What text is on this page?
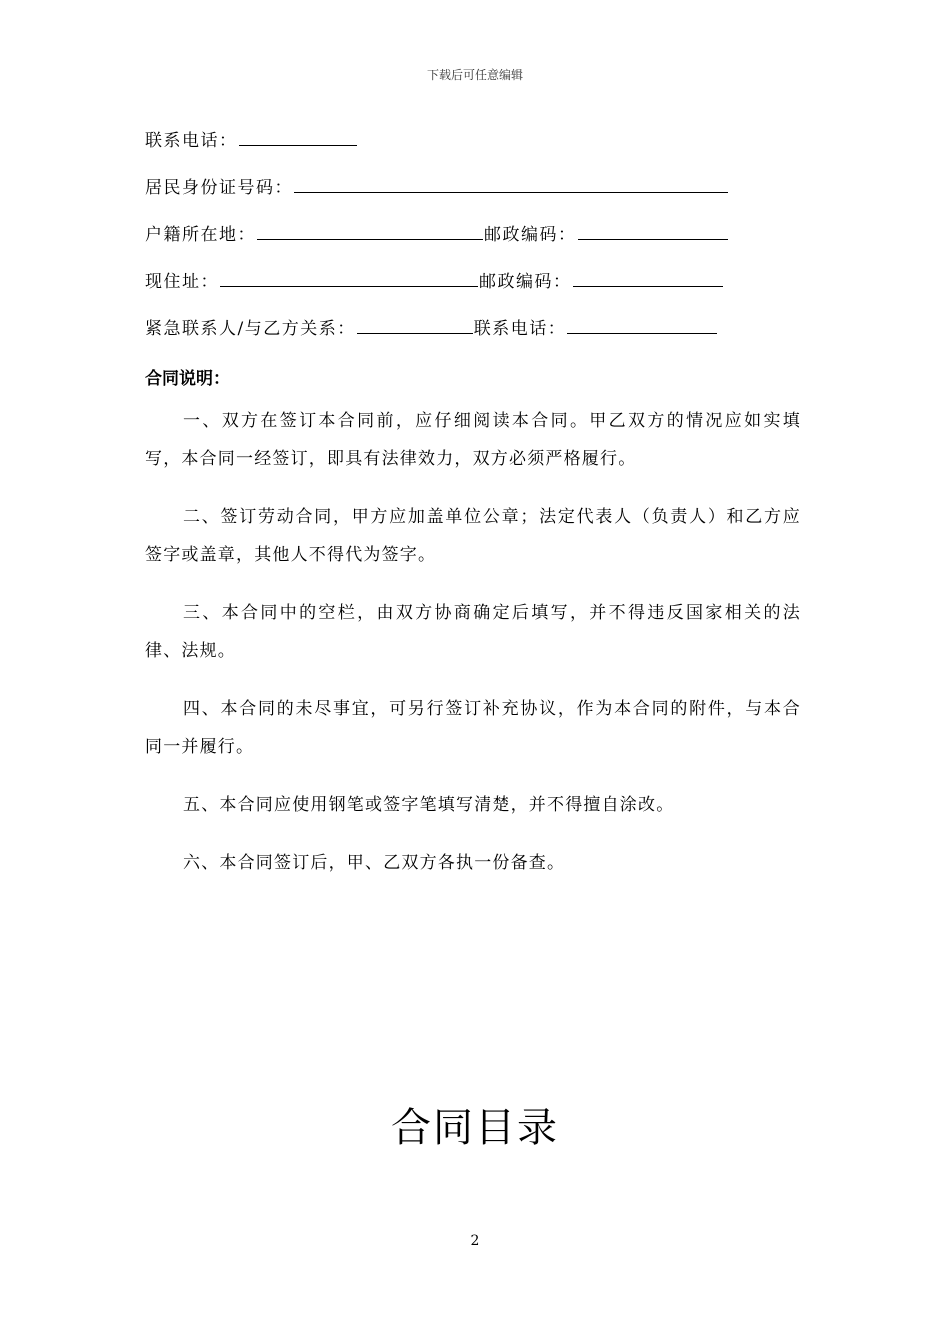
下载后可任意编辑
联系电话：
居民身份证号码：
户籍所在地：	邮政编码：
现住址：	邮政编码：
紧急联系人/与乙方关系：	联系电话：
合同说明：

一、双方在签订本合同前，应仔细阅读本合同。甲乙双方的情况应如实填写，本合同一经签订，即具有法律效力，双方必须严格履行。

二、签订劳动合同，甲方应加盖单位公章；法定代表人（负责人）和乙方应签字或盖章，其他人不得代为签字。

三、本合同中的空栏，由双方协商确定后填写，并不得违反国家相关的法律、法规。

四、本合同的未尽事宜，可另行签订补充协议，作为本合同的附件，与本合同一并履行。

五、本合同应使用钢笔或签字笔填写清楚，并不得擅自涂改。

六、本合同签订后，甲、乙双方各执一份备查。

合同目录
2
